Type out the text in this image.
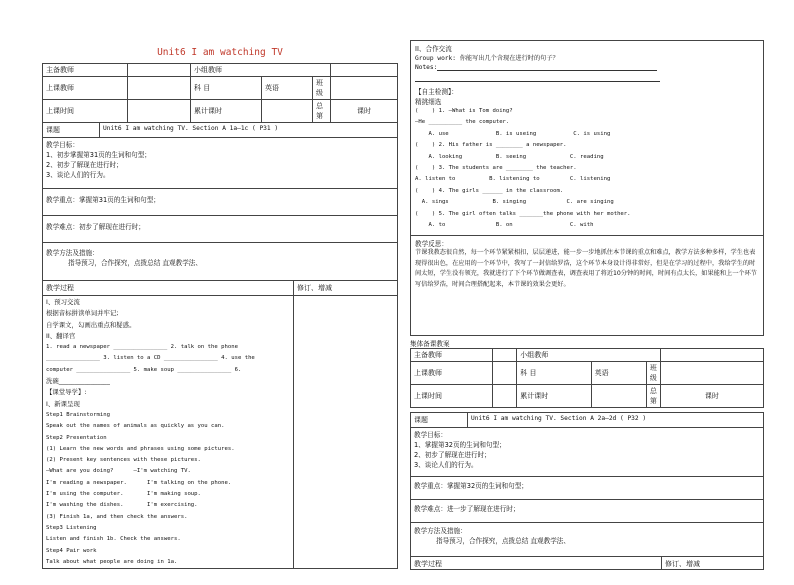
Unit6 I am watching TV
主备教师		小组教师			
上课教师		科 目	英语	班级	
上课时间		累计课时		总第	课时
课题	Unit6 I am watching TV. Section A 1a—1c ( P31 )

教学目标：

1、初步掌握第31页的生词和句型；

2、初步了解现在进行时；

3、谈论人们的行为。

教学重点：掌握第31页的生词和句型；

教学难点：初步了解现在进行时；

教学方法及措施：

指导预习，合作探究，点拨总结 直观教学法、

教学过程	修订、增减

I、预习交流

根据音标拼读单词并牢记;

自学课文，勾画出重点和疑惑。

II、翻译官

1. read a newspaper ________________ 2. talk on the phone

________________ 3. listen to a CD ________________ 4. use the

computer ________________ 5. make soup ________________ 6.

洗碗________________

【课堂导学】:

I、新课呈现

Step1 Brainstorming

Speak out the names of animals as quickly as you can.

Step2 Presentation

(1) Learn the new words and phrases using some pictures.

(2) Present key sentences with these pictures.

—What are you doing?      —I'm watching TV.

I'm reading a newspaper.      I'm talking on the phone.

I'm using the computer.       I'm making soup.

I'm washing the dishes.       I'm exercising.

(3) Finish 1a, and then check the answers.

Step3 Listening

Listen and finish 1b. Check the answers.

Step4 Pair work

Talk about what people are doing in 1a.

II、合作交流

Group work: 你能写出几个含现在进行时的句子？

Notes:

【自主检测】：

精挑细选

(    ) 1. —What is Tom doing?

—He __________ the computer.

A. use              B. is useing           C. is using

(    ) 2. His father is ________ a newspaper.

A. looking          B. seeing             C. reading

(    ) 3. The students are ________ the teacher.

A. listen to          B. listening to         C. listening

(    ) 4. The girls ______ in the classroom.

A. sings             B. singing            C. are singing

(    ) 5. The girl often talks _______the phone with her mother.

A. to               B. on                 C. with

教学反思：

节课我教态很自然，每一个环节紧紧相扣，层层递进，能一步一步地抓住本节课的重点和难点，教学方法多种多样，学生也表现得很出色，在应用的一个环节中，我写了一封信给罗浩，这个环节本身设计得非常好，但是在学习的过程中，我给学生的时间太短，学生没有领充，我就进行了下个环节做调查表，调查表用了将近10分钟的时间，时间有点太长，如果能和上一个环节写信给罗浩，时间合理搭配起来，本节课的效果会更好。

集体备课教案
主备教师		小组教师			
上课教师		科 目	英语	班级	
上课时间		累计课时		总第	课时
课题	Unit6 I am watching TV. Section A 2a—2d ( P32 )

教学目标：

1、掌握第32页的生词和句型；

2、初步了解现在进行时；

3、谈论人们的行为。

教学重点：掌握第32页的生词和句型；

教学难点：进一步了解现在进行时；

教学方法及措施：

指导预习，合作探究，点拨总结 直观教学法、

教学过程	修订、增减
